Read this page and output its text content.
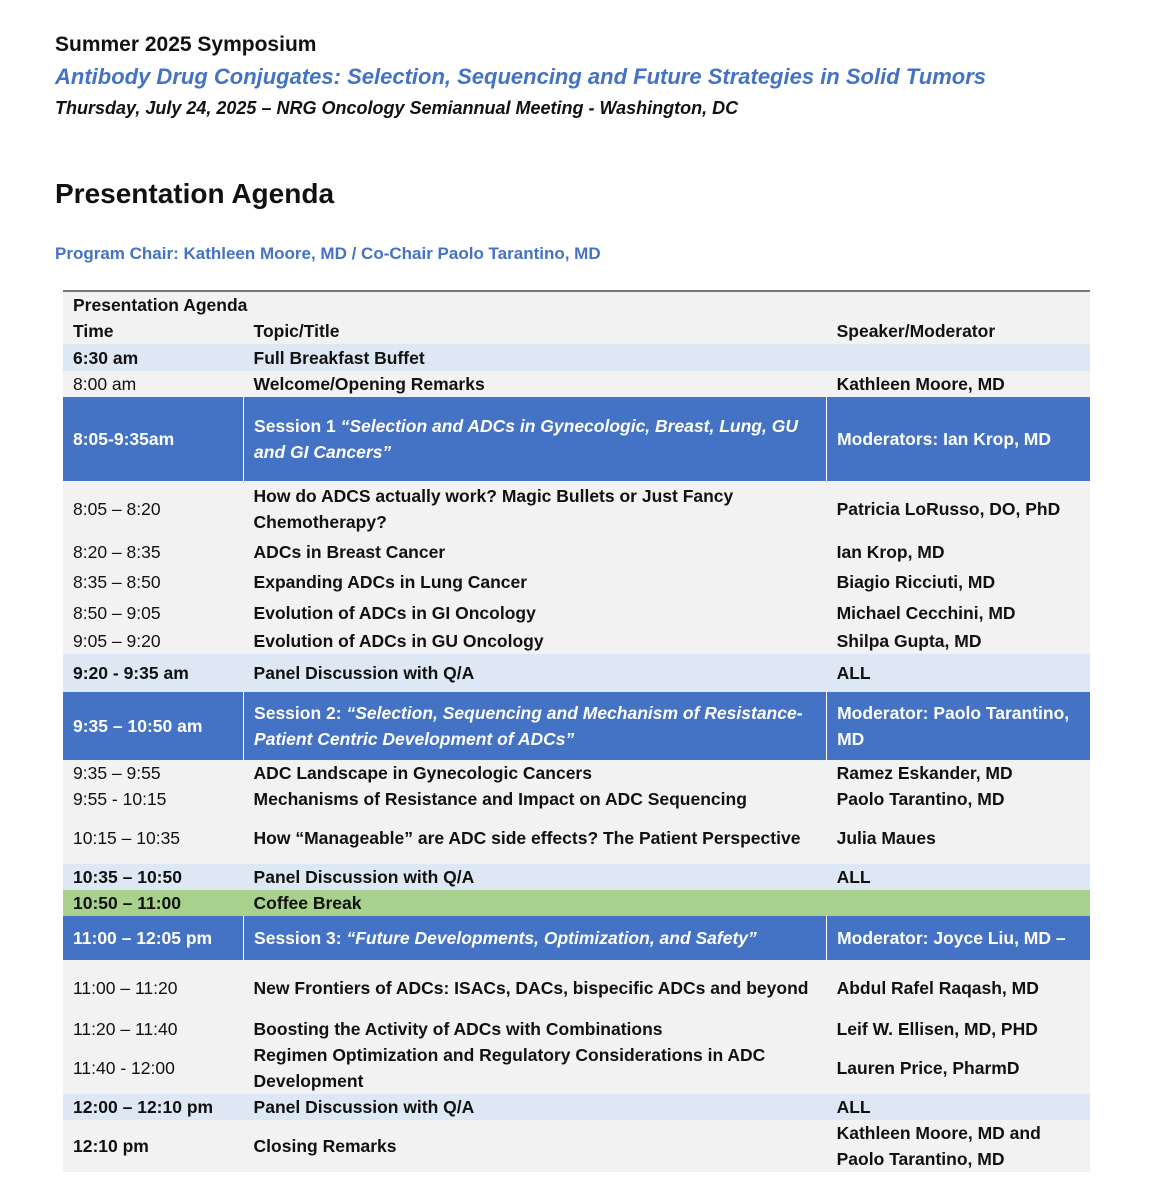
Summer 2025 Symposium

Antibody Drug Conjugates: Selection, Sequencing and Future Strategies in Solid Tumors

Thursday, July 24, 2025 – NRG Oncology Semiannual Meeting - Washington, DC

Presentation Agenda
Program Chair: Kathleen Moore, MD / Co-Chair Paolo Tarantino, MD
Presentation Agenda		
Time	Topic/Title	Speaker/Moderator
6:30 am	Full Breakfast Buffet	
8:00 am	Welcome/Opening Remarks	Kathleen Moore, MD
8:05-9:35am	Session 1 “Selection and ADCs in Gynecologic, Breast, Lung, GU and GI Cancers”	Moderators: Ian Krop, MD
8:05 – 8:20	How do ADCS actually work? Magic Bullets or Just Fancy Chemotherapy?	Patricia LoRusso, DO, PhD
8:20 – 8:35	ADCs in Breast Cancer	Ian Krop, MD
8:35 – 8:50	Expanding ADCs in Lung Cancer	Biagio Ricciuti, MD
8:50 – 9:05	Evolution of ADCs in GI Oncology	Michael Cecchini, MD
9:05 – 9:20	Evolution of ADCs in GU Oncology	Shilpa Gupta, MD
9:20 - 9:35 am	Panel Discussion with Q/A	ALL
9:35 – 10:50 am	Session 2: “Selection, Sequencing and Mechanism of Resistance- Patient Centric Development of ADCs”	Moderator: Paolo Tarantino, MD
9:35 – 9:55	ADC Landscape in Gynecologic Cancers	Ramez Eskander, MD
9:55 - 10:15	Mechanisms of Resistance and Impact on ADC Sequencing	Paolo Tarantino, MD
10:15 – 10:35	How “Manageable” are ADC side effects? The Patient Perspective	Julia Maues
10:35 – 10:50	Panel Discussion with Q/A	ALL
10:50 – 11:00	Coffee Break	
11:00 – 12:05 pm	Session 3: “Future Developments, Optimization, and Safety”	Moderator: Joyce Liu, MD –
11:00 – 11:20	New Frontiers of ADCs: ISACs, DACs, bispecific ADCs and beyond	Abdul Rafel Raqash, MD
11:20 – 11:40	Boosting the Activity of ADCs with Combinations	Leif W. Ellisen, MD, PHD
11:40 - 12:00	Regimen Optimization and Regulatory Considerations in ADC Development	Lauren Price, PharmD
12:00 – 12:10 pm	Panel Discussion with Q/A	ALL
12:10 pm	Closing Remarks	Kathleen Moore, MD and Paolo Tarantino, MD
